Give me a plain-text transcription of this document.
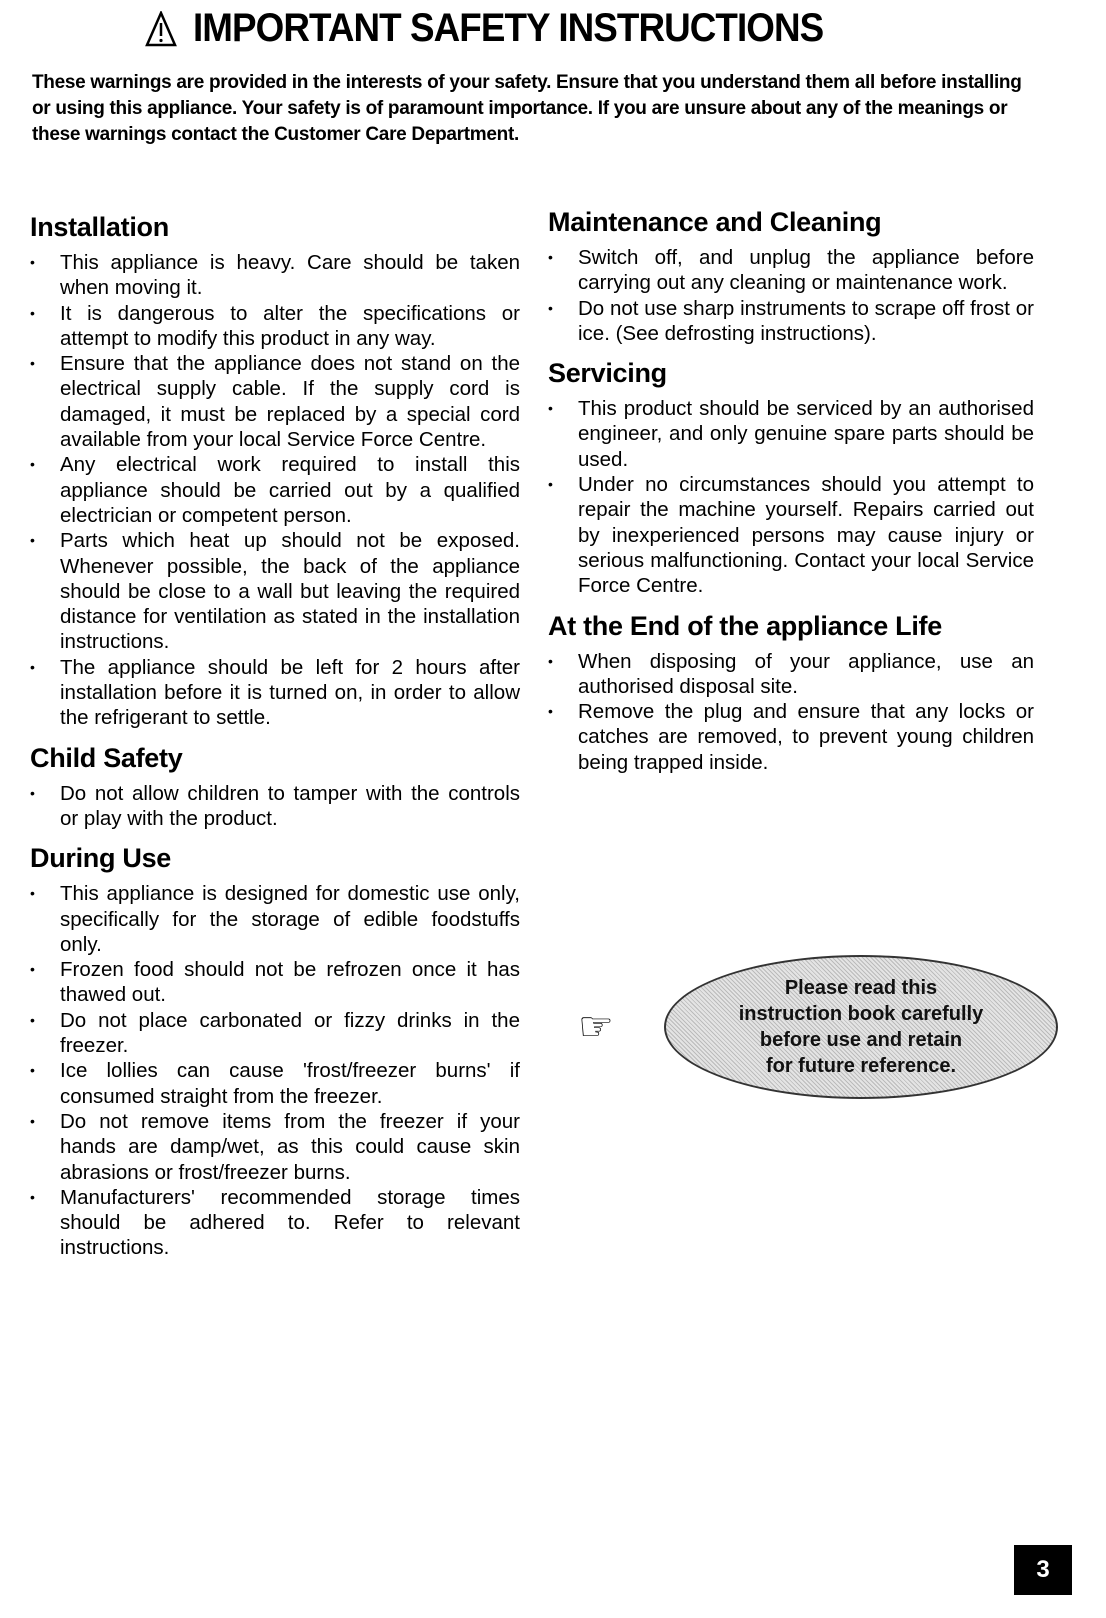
IMPORTANT SAFETY INSTRUCTIONS
These warnings are provided in the interests of your safety. Ensure that you understand them all before installing or using this appliance. Your safety is of paramount importance. If you are unsure about any of the meanings or these warnings contact the Customer Care Department.
Installation
• This appliance is heavy. Care should be taken when moving it.
• It is dangerous to alter the specifications or attempt to modify this product in any way.
• Ensure that the appliance does not stand on the electrical supply cable. If the supply cord is damaged, it must be replaced by a special cord available from your local Service Force Centre.
• Any electrical work required to install this appliance should be carried out by a qualified electrician or competent person.
• Parts which heat up should not be exposed. Whenever possible, the back of the appliance should be close to a wall but leaving the required distance for ventilation as stated in the installation instructions.
• The appliance should be left for 2 hours after installation before it is turned on, in order to allow the refrigerant to settle.
Child Safety
• Do not allow children to tamper with the controls or play with the product.
During Use
• This appliance is designed for domestic use only, specifically for the storage of edible foodstuffs only.
• Frozen food should not be refrozen once it has thawed out.
• Do not place carbonated or fizzy drinks in the freezer.
• Ice lollies can cause 'frost/freezer burns' if consumed straight from the freezer.
• Do not remove items from the freezer if your hands are damp/wet, as this could cause skin abrasions or frost/freezer burns.
• Manufacturers' recommended storage times should be adhered to. Refer to relevant instructions.
Maintenance and Cleaning
• Switch off, and unplug the appliance before carrying out any cleaning or maintenance work.
• Do not use sharp instruments to scrape off frost or ice. (See defrosting instructions).
Servicing
• This product should be serviced by an authorised engineer, and only genuine spare parts should be used.
• Under no circumstances should you attempt to repair the machine yourself. Repairs carried out by inexperienced persons may cause injury or serious malfunctioning. Contact your local Service Force Centre.
At the End of the appliance Life
• When disposing of your appliance, use an authorised disposal site.
• Remove the plug and ensure that any locks or catches are removed, to prevent young children being trapped inside.
☞
Please read this
instruction book carefully
before use and retain
for future reference.
3
